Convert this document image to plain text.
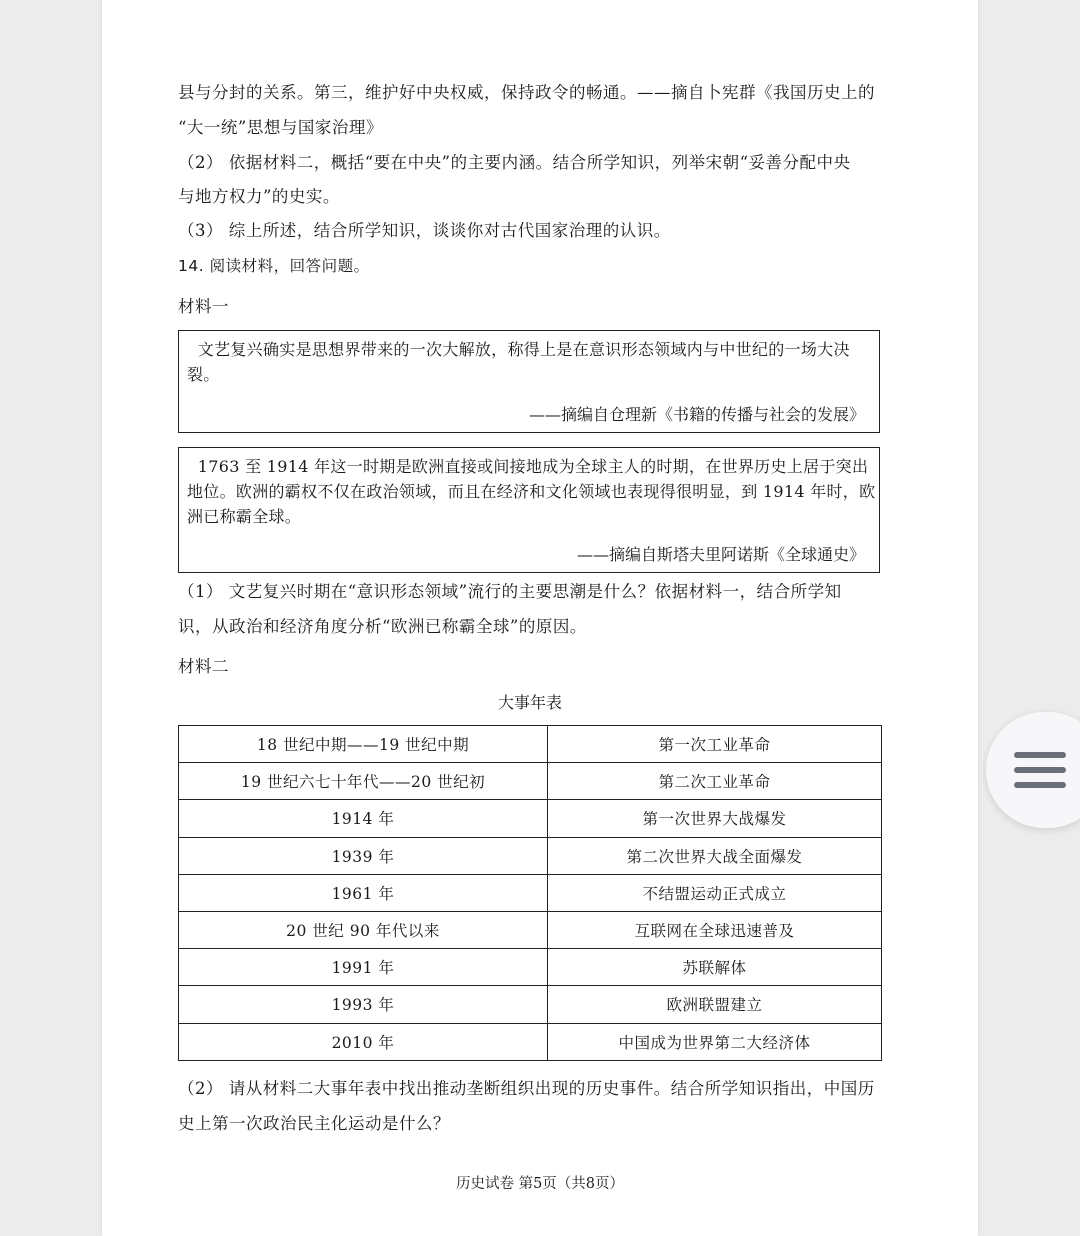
县与分封的关系。第三，维护好中央权威，保持政令的畅通。——摘自卜宪群《我国历史上的

“大一统”思想与国家治理》

（2） 依据材料二，概括“要在中央”的主要内涵。结合所学知识，列举宋朝“妥善分配中央

与地方权力”的史实。

（3） 综上所述，结合所学知识，谈谈你对古代国家治理的认识。

14. 阅读材料，回答问题。

材料一

文艺复兴确实是思想界带来的一次大解放，称得上是在意识形态领域内与中世纪的一场大决裂。
——摘编自仓理新《书籍的传播与社会的发展》
1763 至 1914 年这一时期是欧洲直接或间接地成为全球主人的时期，在世界历史上居于突出地位。欧洲的霸权不仅在政治领域，而且在经济和文化领域也表现得很明显，到 1914 年时，欧洲已称霸全球。
——摘编自斯塔夫里阿诺斯《全球通史》

（1） 文艺复兴时期在“意识形态领域”流行的主要思潮是什么？依据材料一，结合所学知

识，从政治和经济角度分析“欧洲已称霸全球”的原因。

材料二

大事年表
18 世纪中期——19 世纪中期	第一次工业革命
19 世纪六七十年代——20 世纪初	第二次工业革命
1914 年	第一次世界大战爆发
1939 年	第二次世界大战全面爆发
1961 年	不结盟运动正式成立
20 世纪 90 年代以来	互联网在全球迅速普及
1991 年	苏联解体
1993 年	欧洲联盟建立
2010 年	中国成为世界第二大经济体

（2） 请从材料二大事年表中找出推动垄断组织出现的历史事件。结合所学知识指出，中国历

史上第一次政治民主化运动是什么？

历史试卷 第5页（共8页）
